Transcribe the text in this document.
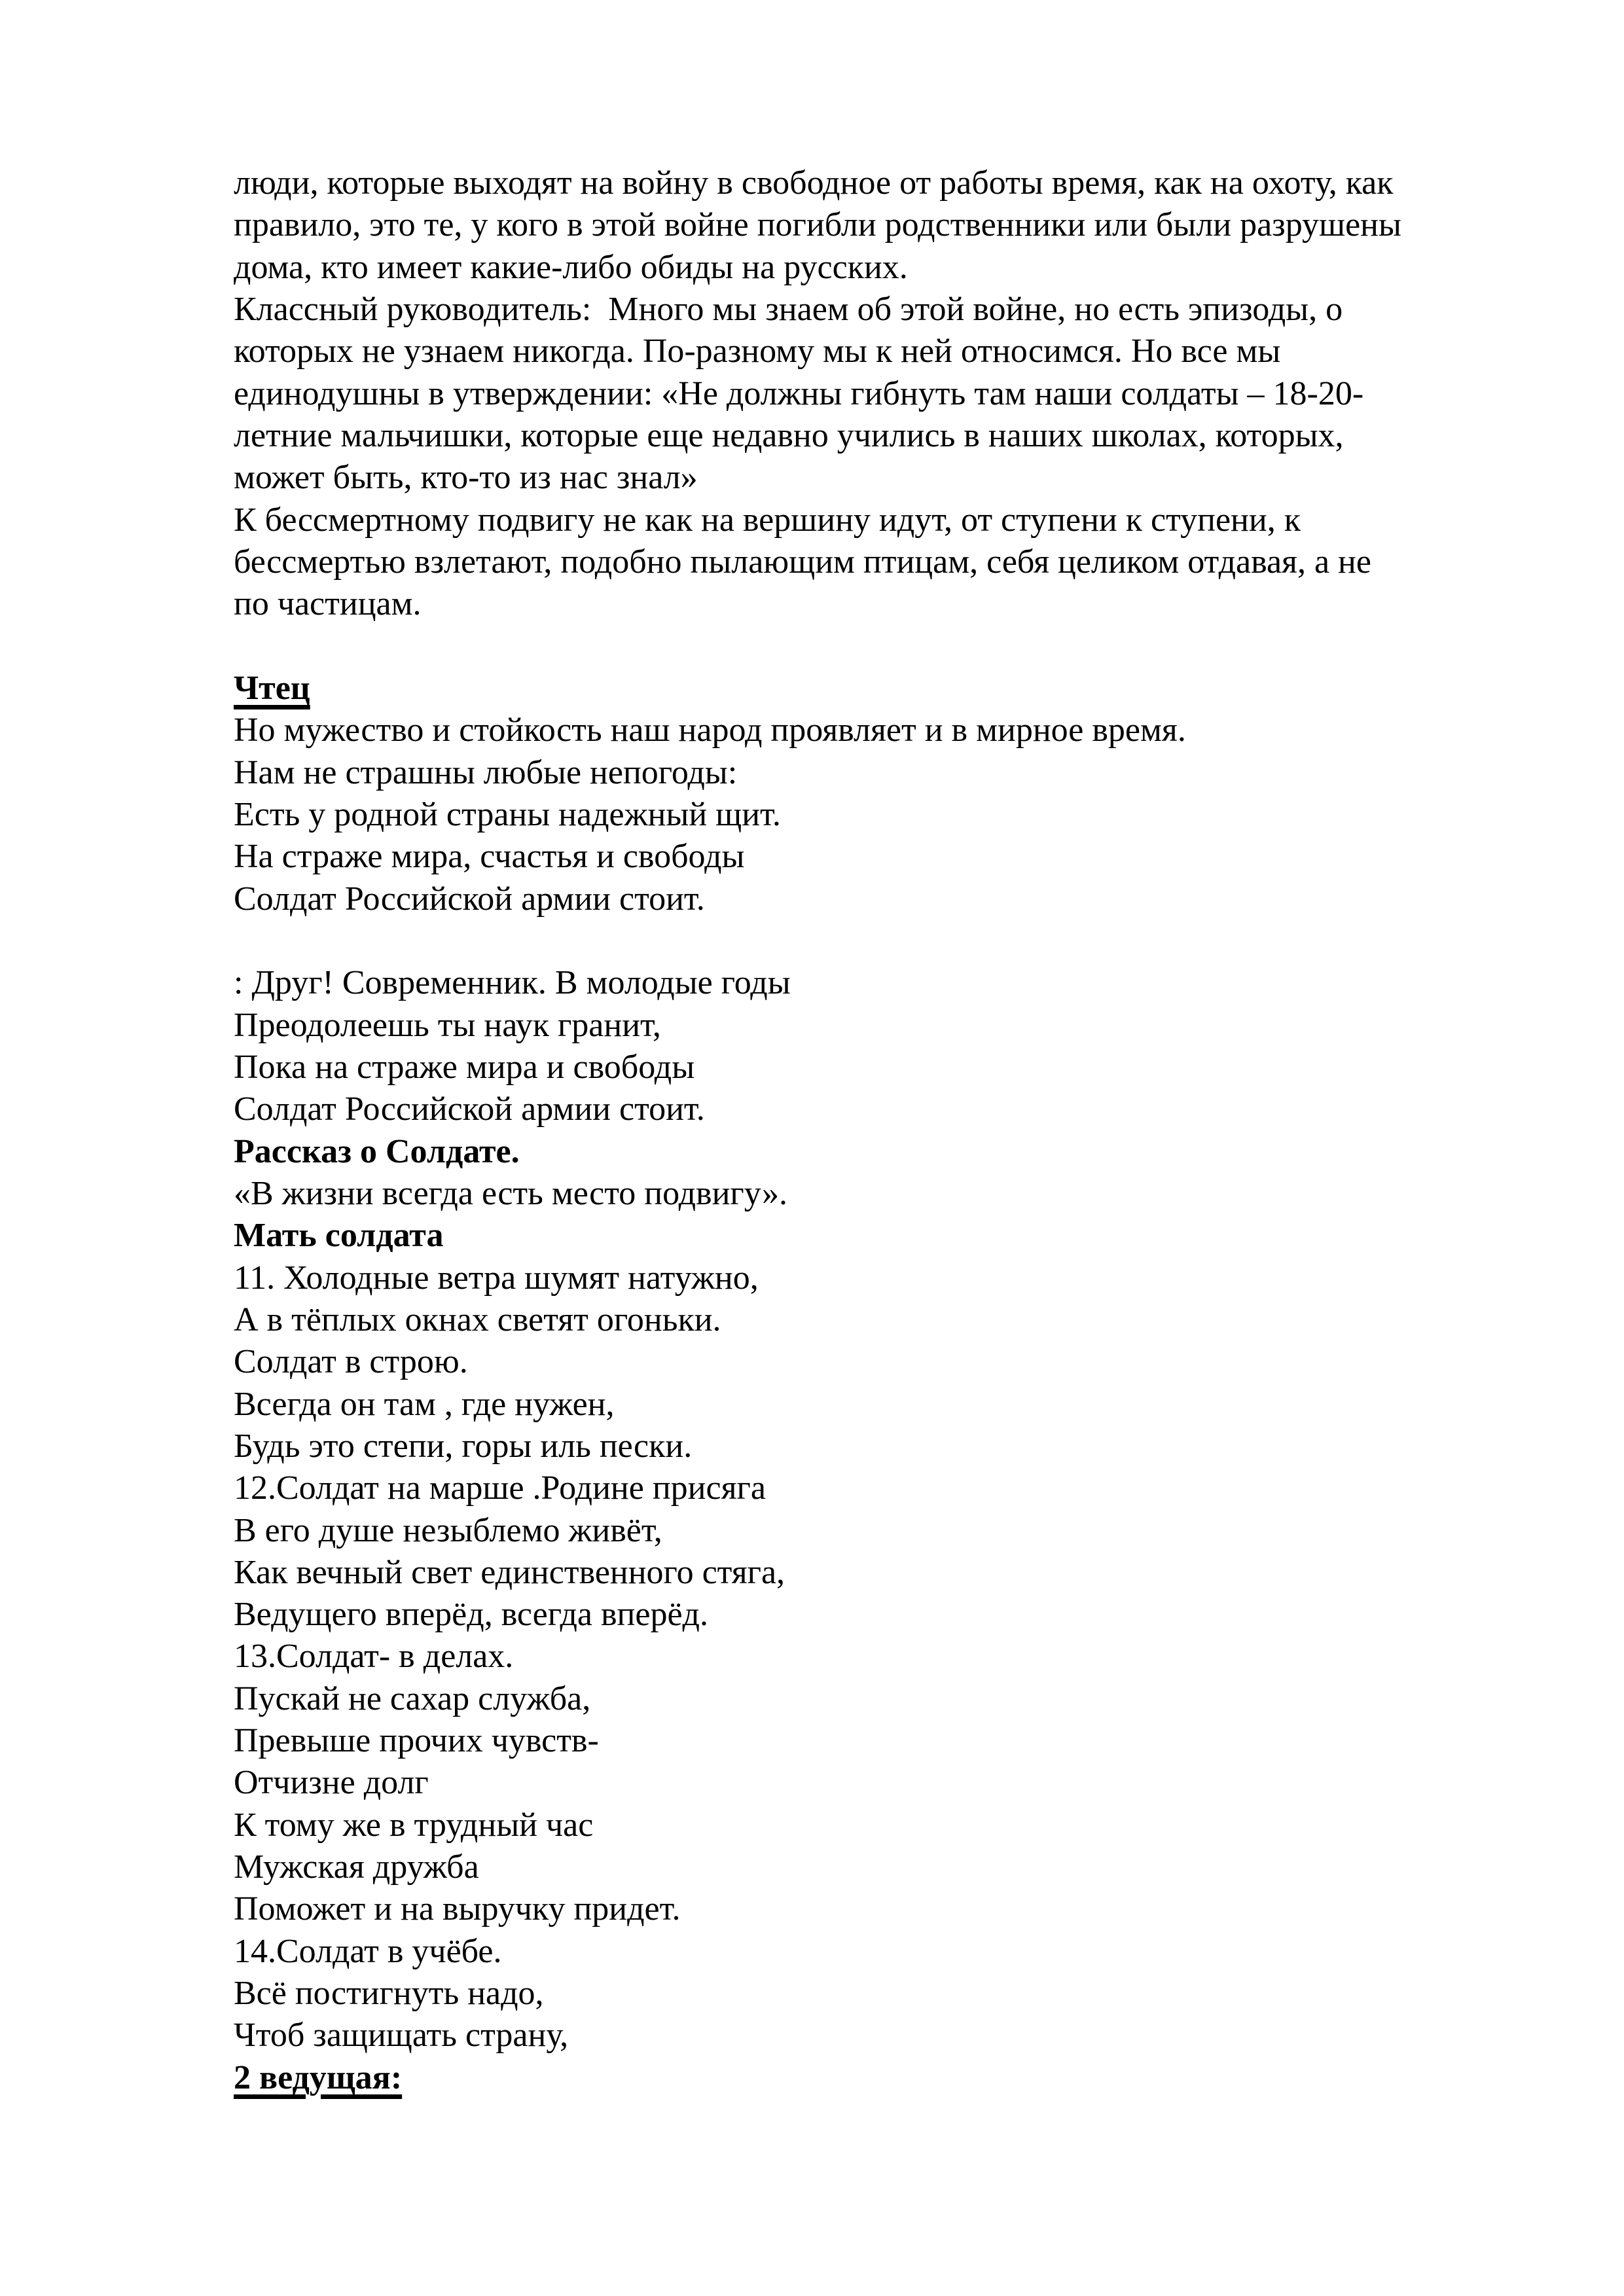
люди, которые выходят на войну в свободное от работы время, как на охоту, как
правило, это те, у кого в этой войне погибли родственники или были разрушены
дома, кто имеет какие-либо обиды на русских.
Классный руководитель:  Много мы знаем об этой войне, но есть эпизоды, о
которых не узнаем никогда. По-разному мы к ней относимся. Но все мы
единодушны в утверждении: «Не должны гибнуть там наши солдаты – 18-20-
летние мальчишки, которые еще недавно учились в наших школах, которых,
может быть, кто-то из нас знал»
К бессмертному подвигу не как на вершину идут, от ступени к ступени, к
бессмертью взлетают, подобно пылающим птицам, себя целиком отдавая, а не
по частицам.
Чтец
Но мужество и стойкость наш народ проявляет и в мирное время.
Нам не страшны любые непогоды:
Есть у родной страны надежный щит.
На страже мира, счастья и свободы
Солдат Российской армии стоит.
: Друг! Современник. В молодые годы
Преодолеешь ты наук гранит,
Пока на страже мира и свободы
Солдат Российской армии стоит.
Рассказ о Солдате.
«В жизни всегда есть место подвигу».
Мать солдата
11. Холодные ветра шумят натужно,
А в тёплых окнах светят огоньки.
Солдат в строю.
Всегда он там , где нужен,
Будь это степи, горы иль пески.
12.Солдат на марше .Родине присяга
В его душе незыблемо живёт,
Как вечный свет единственного стяга,
Ведущего вперёд, всегда вперёд.
13.Солдат- в делах.
Пускай не сахар служба,
Превыше прочих чувств-
Отчизне долг
К тому же в трудный час
Мужская дружба
Поможет и на выручку придет.
14.Солдат в учёбе.
Всё постигнуть надо,
Чтоб защищать страну,
2 ведущая:
